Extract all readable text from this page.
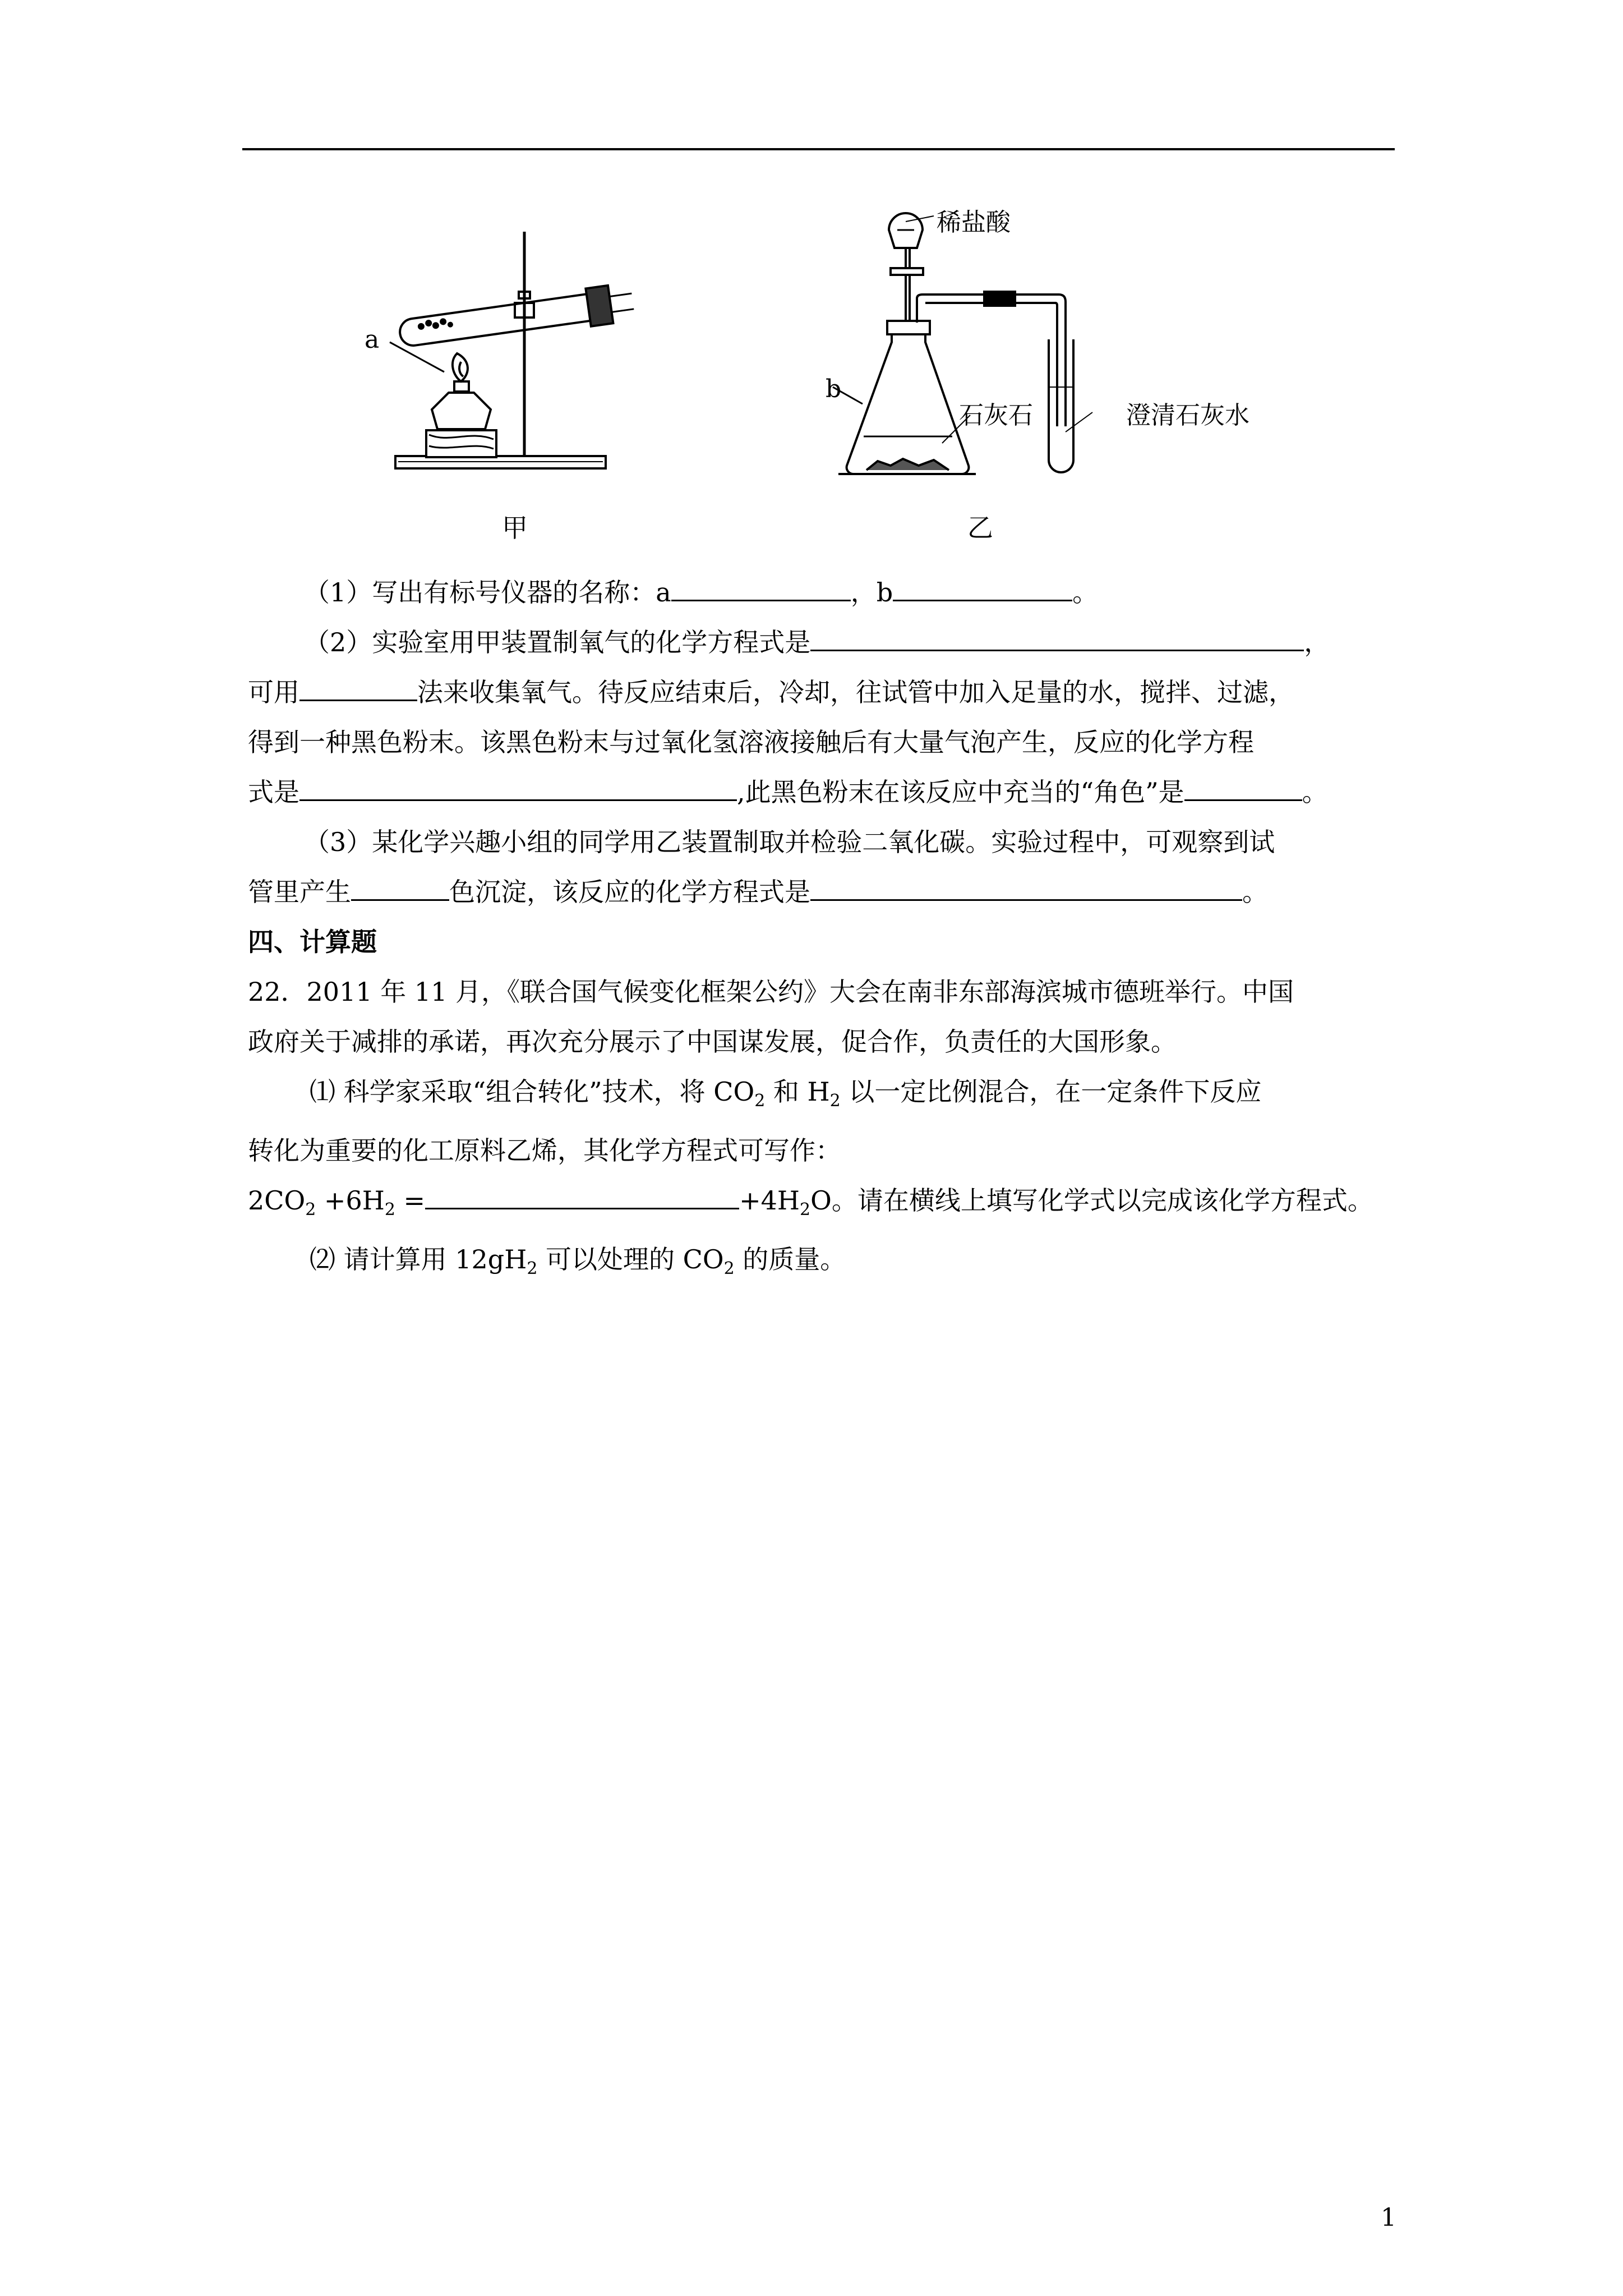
a
甲
稀盐酸
b
石灰石	澄清石灰水
乙
（1）写出有标号仪器的名称：a	，b	。
（2）实验室用甲装置制氧气的化学方程式是	，
可用	法来收集氧气。待反应结束后，冷却，往试管中加入足量的水，搅拌、过滤，
得到一种黑色粉末。该黑色粉末与过氧化氢溶液接触后有大量气泡产生，反应的化学方程
式是	,此黑色粉末在该反应中充当的“角色”是	。
（3）某化学兴趣小组的同学用乙装置制取并检验二氧化碳。实验过程中，可观察到试
管里产生	色沉淀，该反应的化学方程式是	。
四、计算题
22．2011 年 11 月，《联合国气候变化框架公约》大会在南非东部海滨城市德班举行。中国
政府关于减排的承诺，再次充分展示了中国谋发展，促合作，负责任的大国形象。
⑴ 科学家采取“组合转化”技术，将 $CO_2$ 和 $H_2$ 以一定比例混合，在一定条件下反应
转化为重要的化工原料乙烯，其化学方程式可写作：
$2CO_2 +6H_2$ =	$+4H_2O$。请在横线上填写化学式以完成该化学方程式。
⑵ 请计算用 $12gH_2$ 可以处理的 $CO_2$ 的质量。
1
